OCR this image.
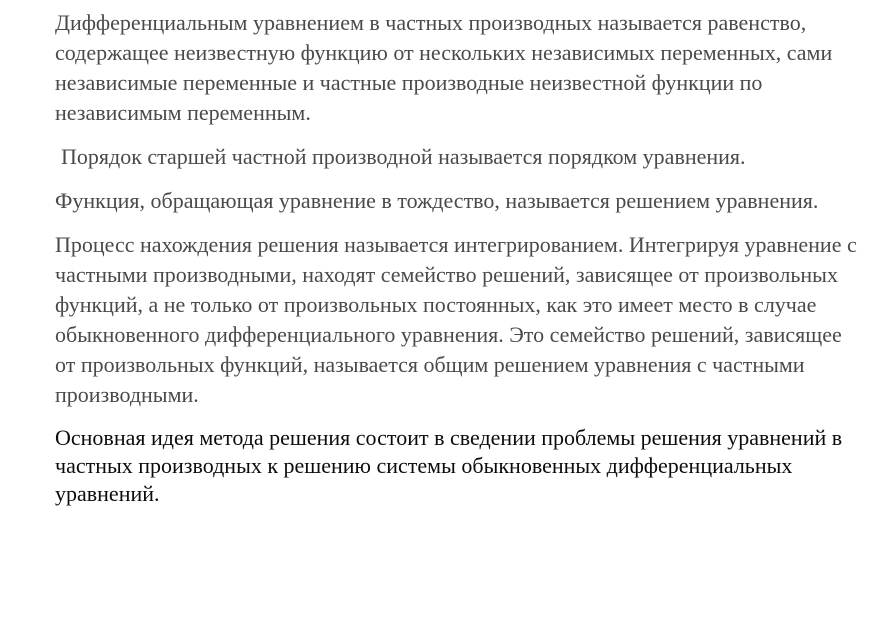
Дифференциальным уравнением в частных производных называется равенство, содержащее неизвестную функцию от нескольких независимых переменных, сами независимые переменные и частные производные неизвестной функции по независимым переменным.

Порядок старшей частной производной называется порядком уравнения.

Функция, обращающая уравнение в тождество, называется решением уравнения.

Процесс нахождения решения называется интегрированием. Интегрируя уравнение с частными производными, находят семейство решений, зависящее от произвольных функций, а не только от произвольных постоянных, как это имеет место в случае обыкновенного дифференциального уравнения. Это семейство решений, зависящее от произвольных функций, называется общим решением уравнения с частными производными.

Основная идея метода решения состоит в сведении проблемы решения уравнений в частных производных к решению системы обыкновенных дифференциальных уравнений.
